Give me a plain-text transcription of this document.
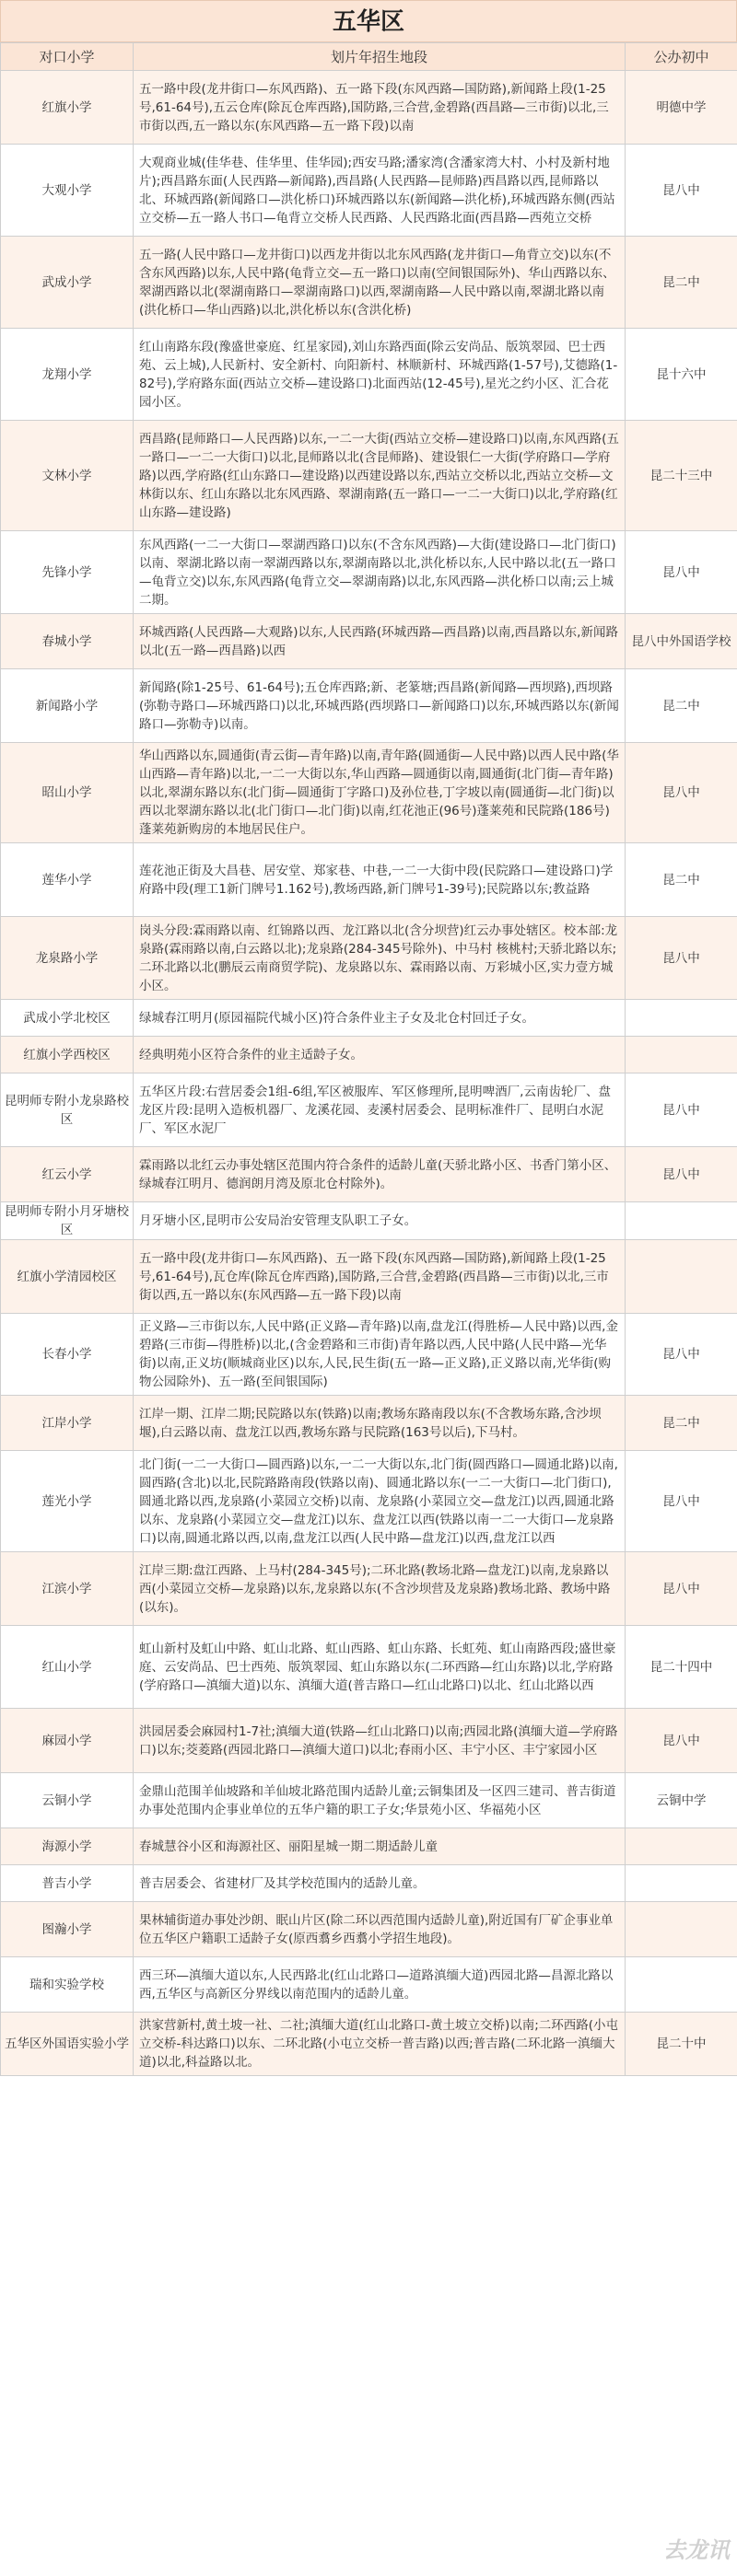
五华区
对口小学	划片年招生地段	公办初中
红旗小学	五一路中段(龙井街口—东风西路)、五一路下段(东风西路—国防路),新闻路上段(1-25号,61-64号),五云仓库(除瓦仓库西路),国防路,三合营,金碧路(西昌路—三市街)以北,三市街以西,五一路以东(东风西路—五一路下段)以南	明德中学
大观小学	大观商业城(佳华巷、佳华里、佳华园);西安马路;潘家湾(含潘家湾大村、小村及新村地片);西昌路东面(人民西路—新闻路),西昌路(人民西路—昆师路)西昌路以西,昆师路以北、环城西路(新闻路口—洪化桥口)环城西路以东(新闻路—洪化桥),环城西路东侧(西站立交桥—五一路人书口—龟背立交桥人民西路、人民西路北面(西昌路—西苑立交桥	昆八中
武成小学	五一路(人民中路口—龙井街口)以西龙井街以北东风西路(龙井街口—角背立交)以东(不含东风西路)以东,人民中路(龟背立交—五一路口)以南(空间银国际外)、华山西路以东、翠湖西路以北(翠湖南路口—翠湖南路口)以西,翠湖南路—人民中路以南,翠湖北路以南(洪化桥口—华山西路)以北,洪化桥以东(含洪化桥)	昆二中
龙翔小学	红山南路东段(豫盛世豪庭、红星家园),刘山东路西面(除云安尚品、版筑翠园、巴士西苑、云上城),人民新村、安全新村、向阳新村、林顺新村、环城西路(1-57号),艾德路(1-82号),学府路东面(西站立交桥—建设路口)北面西站(12-45号),星光之约小区、汇合花园小区。	昆十六中
文林小学	西昌路(昆师路口—人民西路)以东,一二一大街(西站立交桥—建设路口)以南,东风西路(五一路口—一二一大街口)以北,昆师路以北(含昆师路)、建设银仁一大街(学府路口—学府路)以西,学府路(红山东路口—建设路)以西建设路以东,西站立交桥以北,西站立交桥—文林街以东、红山东路以北东风西路、翠湖南路(五一路口—一二一大街口)以北,学府路(红山东路—建设路)	昆二十三中
先锋小学	东风西路(一二一大街口—翠湖西路口)以东(不含东风西路)—大街(建设路口—北门街口)以南、翠湖北路以南一翠湖西路以东,翠湖南路以北,洪化桥以东,人民中路以北(五一路口—龟背立交)以东,东风西路(龟背立交—翠湖南路)以北,东风西路—洪化桥口以南;云上城二期。	昆八中
春城小学	环城西路(人民西路—大观路)以东,人民西路(环城西路—西昌路)以南,西昌路以东,新闻路以北(五一路—西昌路)以西	昆八中外国语学校
新闻路小学	新闻路(除1-25号、61-64号);五仓库西路;新、老篆塘;西昌路(新闻路—西坝路),西坝路(弥勒寺路口—环城西路口)以北,环城西路(西坝路口—新闻路口)以东,环城西路以东(新闻路口—弥勒寺)以南。	昆二中
昭山小学	华山西路以东,圆通街(青云街—青年路)以南,青年路(圆通街—人民中路)以西人民中路(华山西路—青年路)以北,一二一大街以东,华山西路—圆通街以南,圆通街(北门街—青年路)以北,翠湖东路以东(北门街—圆通街丁字路口)及孙位巷,丁字坡以南(圆通街—北门街)以西以北翠湖东路以北(北门街口—北门街)以南,红花池正(96号)蓬莱苑和民院路(186号)蓬莱苑新购房的本地居民住户。	昆八中
莲华小学	莲花池正街及大昌巷、居安堂、郑家巷、中巷,一二一大街中段(民院路口—建设路口)学府路中段(理工1新门牌号1.162号),教场西路,新门牌号1-39号);民院路以东;教益路	昆二中
龙泉路小学	岗头分段:霖雨路以南、红锦路以西、龙江路以北(含分坝营)红云办事处辖区。校本部:龙泉路(霖雨路以南,白云路以北);龙泉路(284-345号除外)、中马村 核桃村;天骄北路以东;二环北路以北(鹏辰云南商贸学院)、龙泉路以东、霖雨路以南、万彩城小区,实力壹方城小区。	昆八中
武成小学北校区	绿城春江明月(原园福院代城小区)符合条件业主子女及北仓村回迁子女。	
红旗小学西校区	经典明苑小区符合条件的业主适龄子女。	
昆明师专附小龙泉路校区	五华区片段:右营居委会1组-6组,军区被服库、军区修理所,昆明啤酒厂,云南齿轮厂、盘龙区片段:昆明入造板机器厂、龙溪花园、麦溪村居委会、昆明标准件厂、昆明白水泥厂、军区水泥厂	昆八中
红云小学	霖雨路以北红云办事处辖区范围内符合条件的适龄儿童(天骄北路小区、书香门第小区、绿城春江明月、德润朗月湾及原北仓村除外)。	昆八中
昆明师专附小月牙塘校区	月牙塘小区,昆明市公安局治安管理支队职工子女。	
红旗小学清园校区	五一路中段(龙井街口—东风西路)、五一路下段(东风西路—国防路),新闻路上段(1-25号,61-64号),瓦仓库(除瓦仓库西路),国防路,三合营,金碧路(西昌路—三市街)以北,三市街以西,五一路以东(东风西路—五一路下段)以南	
长春小学	正义路—三市街以东,人民中路(正义路—青年路)以南,盘龙江(得胜桥—人民中路)以西,金碧路(三市街—得胜桥)以北,(含金碧路和三市街)青年路以西,人民中路(人民中路—光华街)以南,正义坊(顺城商业区)以东,人民,民生街(五一路—正义路),正义路以南,光华街(购物公园除外)、五一路(至间银国际)	昆八中
江岸小学	江岸一期、江岸二期;民院路以东(铁路)以南;教场东路南段以东(不含教场东路,含沙坝堰),白云路以南、盘龙江以西,教场东路与民院路(163号以后),下马村。	昆二中
莲光小学	北门街(一二一大街口—圆西路)以东,一二一大街以东,北门街(圆西路口—圆通北路)以南,圆西路(含北)以北,民院路路南段(铁路以南)、圆通北路以东(一二一大街口—北门街口),圆通北路以西,龙泉路(小菜园立交桥)以南、龙泉路(小菜园立交—盘龙江)以西,圆通北路以东、龙泉路(小菜园立交—盘龙江)以东、盘龙江以西(铁路以南一二一大街口—龙泉路口)以南,圆通北路以西,以南,盘龙江以西(人民中路—盘龙江)以西,盘龙江以西	昆八中
江滨小学	江岸三期:盘江西路、上马村(284-345号);二环北路(教场北路—盘龙江)以南,龙泉路以西(小菜园立交桥—龙泉路)以东,龙泉路以东(不含沙坝营及龙泉路)教场北路、教场中路(以东)。	昆八中
红山小学	虹山新村及虹山中路、虹山北路、虹山西路、虹山东路、长虹苑、虹山南路西段;盛世豪庭、云安尚品、巴士西苑、版筑翠园、虹山东路以东(二环西路—红山东路)以北,学府路(学府路口—滇缅大道)以东、滇缅大道(普吉路口—红山北路口)以北、红山北路以西	昆二十四中
麻园小学	洪园居委会麻园村1-7社;滇缅大道(铁路—红山北路口)以南;西园北路(滇缅大道—学府路口)以东;茭菱路(西园北路口—滇缅大道口)以北;春雨小区、丰宁小区、丰宁家园小区	昆八中
云铜小学	金鼎山范围羊仙坡路和羊仙坡北路范围内适龄儿童;云铜集团及一区四三建司、普吉街道办事处范围内企事业单位的五华户籍的职工子女;华景苑小区、华福苑小区	云铜中学
海源小学	春城慧谷小区和海源社区、丽阳星城一期二期适龄儿童	
普吉小学	普吉居委会、省建材厂及其学校范围内的适龄儿童。	
图瀚小学	果林辅街道办事处沙朗、眠山片区(除二环以西范围内适龄儿童),附近国有厂矿企事业单位五华区户籍职工适龄子女(原西翥乡西翥小学招生地段)。	
瑞和实验学校	西三环—滇缅大道以东,人民西路北(红山北路口—道路滇缅大道)西园北路—昌源北路以西,五华区与高新区分界线以南范围内的适龄儿童。	
五华区外国语实验小学	洪家营新村,黄土坡一社、二社;滇缅大道(红山北路口-黄土坡立交桥)以南;二环西路(小屯立交桥-科达路口)以东、二环北路(小屯立交桥一普吉路)以西;普吉路(二环北路一滇缅大道)以北,科益路以北。	昆二十中
去龙讯
